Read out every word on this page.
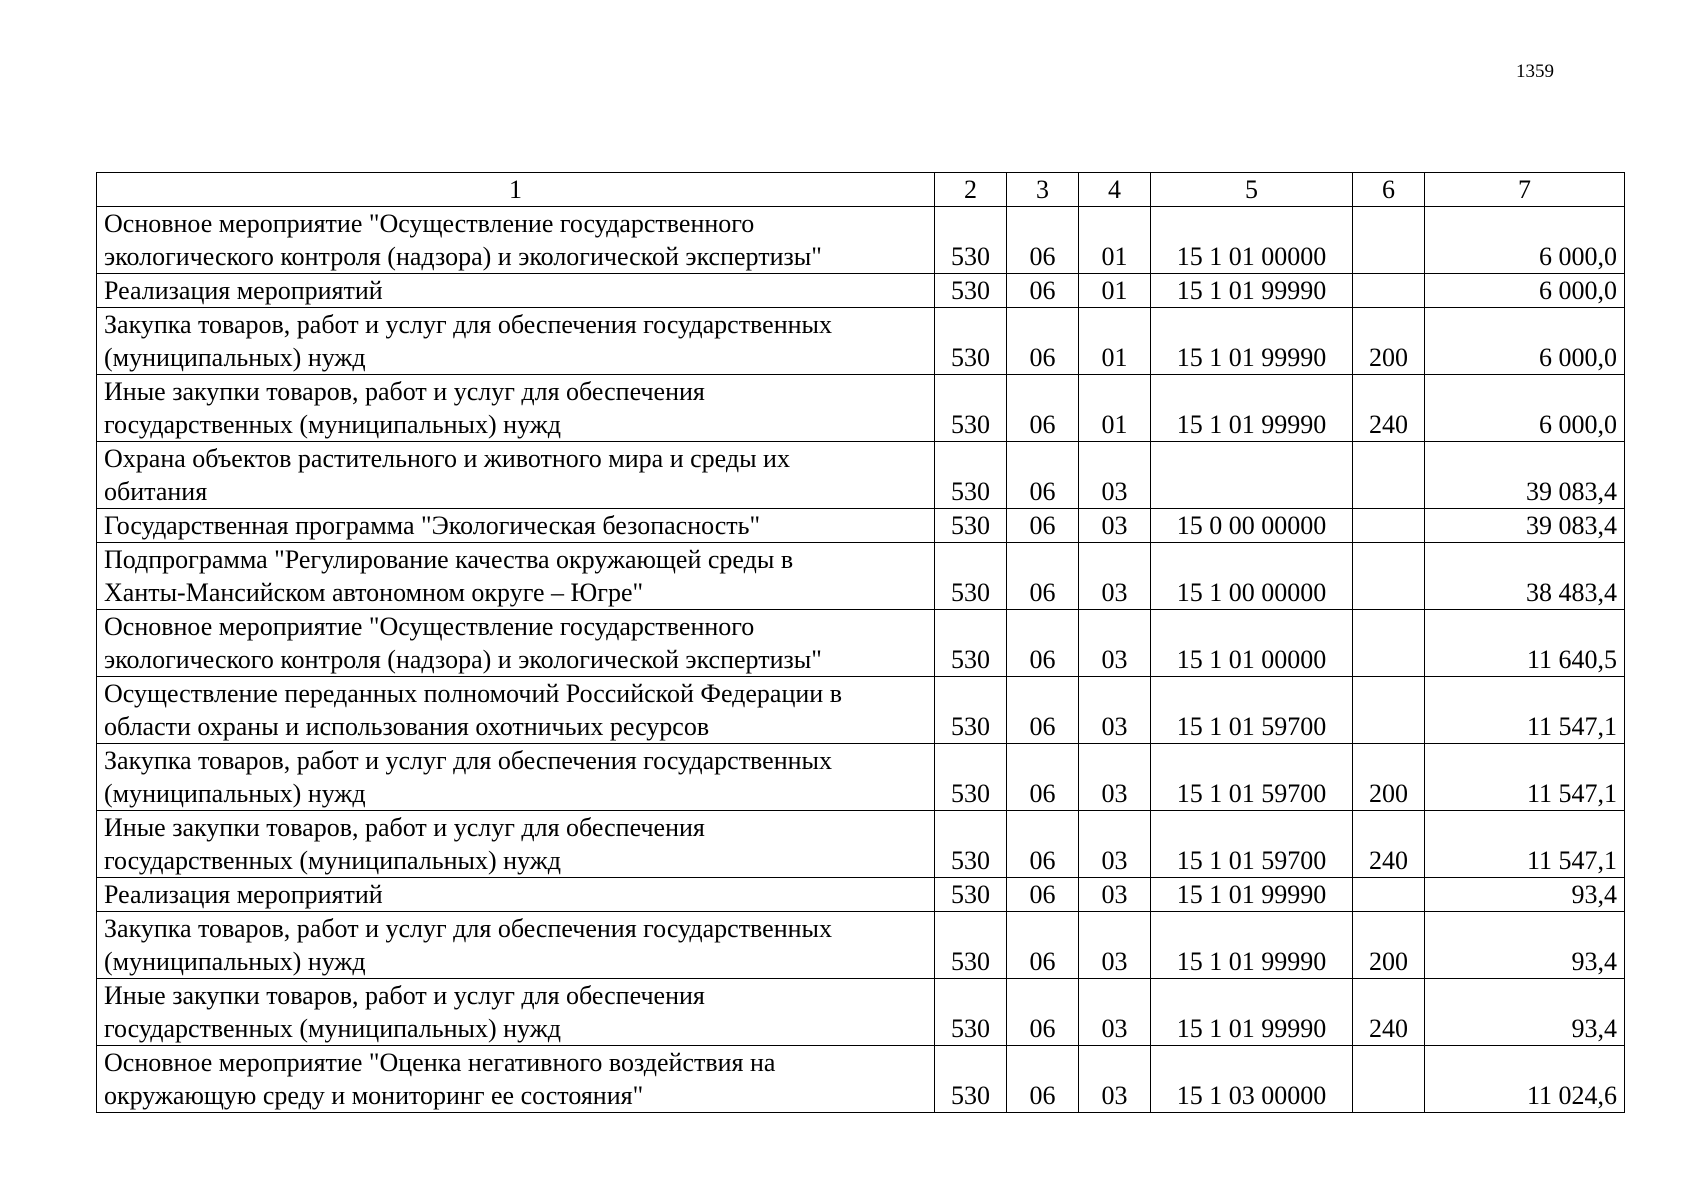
1359
1	2	3	4	5	6	7

Основное мероприятие "Осуществление государственного
экологического контроля (надзора) и экологической экспертизы"	530	06	01	15 1 01 00000		6 000,0

Реализация мероприятий	530	06	01	15 1 01 99990		6 000,0

Закупка товаров, работ и услуг для обеспечения государственных
(муниципальных) нужд	530	06	01	15 1 01 99990	200	6 000,0

Иные закупки товаров, работ и услуг для обеспечения
государственных (муниципальных) нужд	530	06	01	15 1 01 99990	240	6 000,0

Охрана объектов растительного и животного мира и среды их
обитания	530	06	03			39 083,4

Государственная программа "Экологическая безопасность"	530	06	03	15 0 00 00000		39 083,4

Подпрограмма "Регулирование качества окружающей среды в
Ханты-Мансийском автономном округе – Югре"	530	06	03	15 1 00 00000		38 483,4

Основное мероприятие "Осуществление государственного
экологического контроля (надзора) и экологической экспертизы"	530	06	03	15 1 01 00000		11 640,5

Осуществление переданных полномочий Российской Федерации в
области охраны и использования охотничьих ресурсов	530	06	03	15 1 01 59700		11 547,1

Закупка товаров, работ и услуг для обеспечения государственных
(муниципальных) нужд	530	06	03	15 1 01 59700	200	11 547,1

Иные закупки товаров, работ и услуг для обеспечения
государственных (муниципальных) нужд	530	06	03	15 1 01 59700	240	11 547,1

Реализация мероприятий	530	06	03	15 1 01 99990		93,4

Закупка товаров, работ и услуг для обеспечения государственных
(муниципальных) нужд	530	06	03	15 1 01 99990	200	93,4

Иные закупки товаров, работ и услуг для обеспечения
государственных (муниципальных) нужд	530	06	03	15 1 01 99990	240	93,4

Основное мероприятие "Оценка негативного воздействия на
окружающую среду и мониторинг ее состояния"	530	06	03	15 1 03 00000		11 024,6
